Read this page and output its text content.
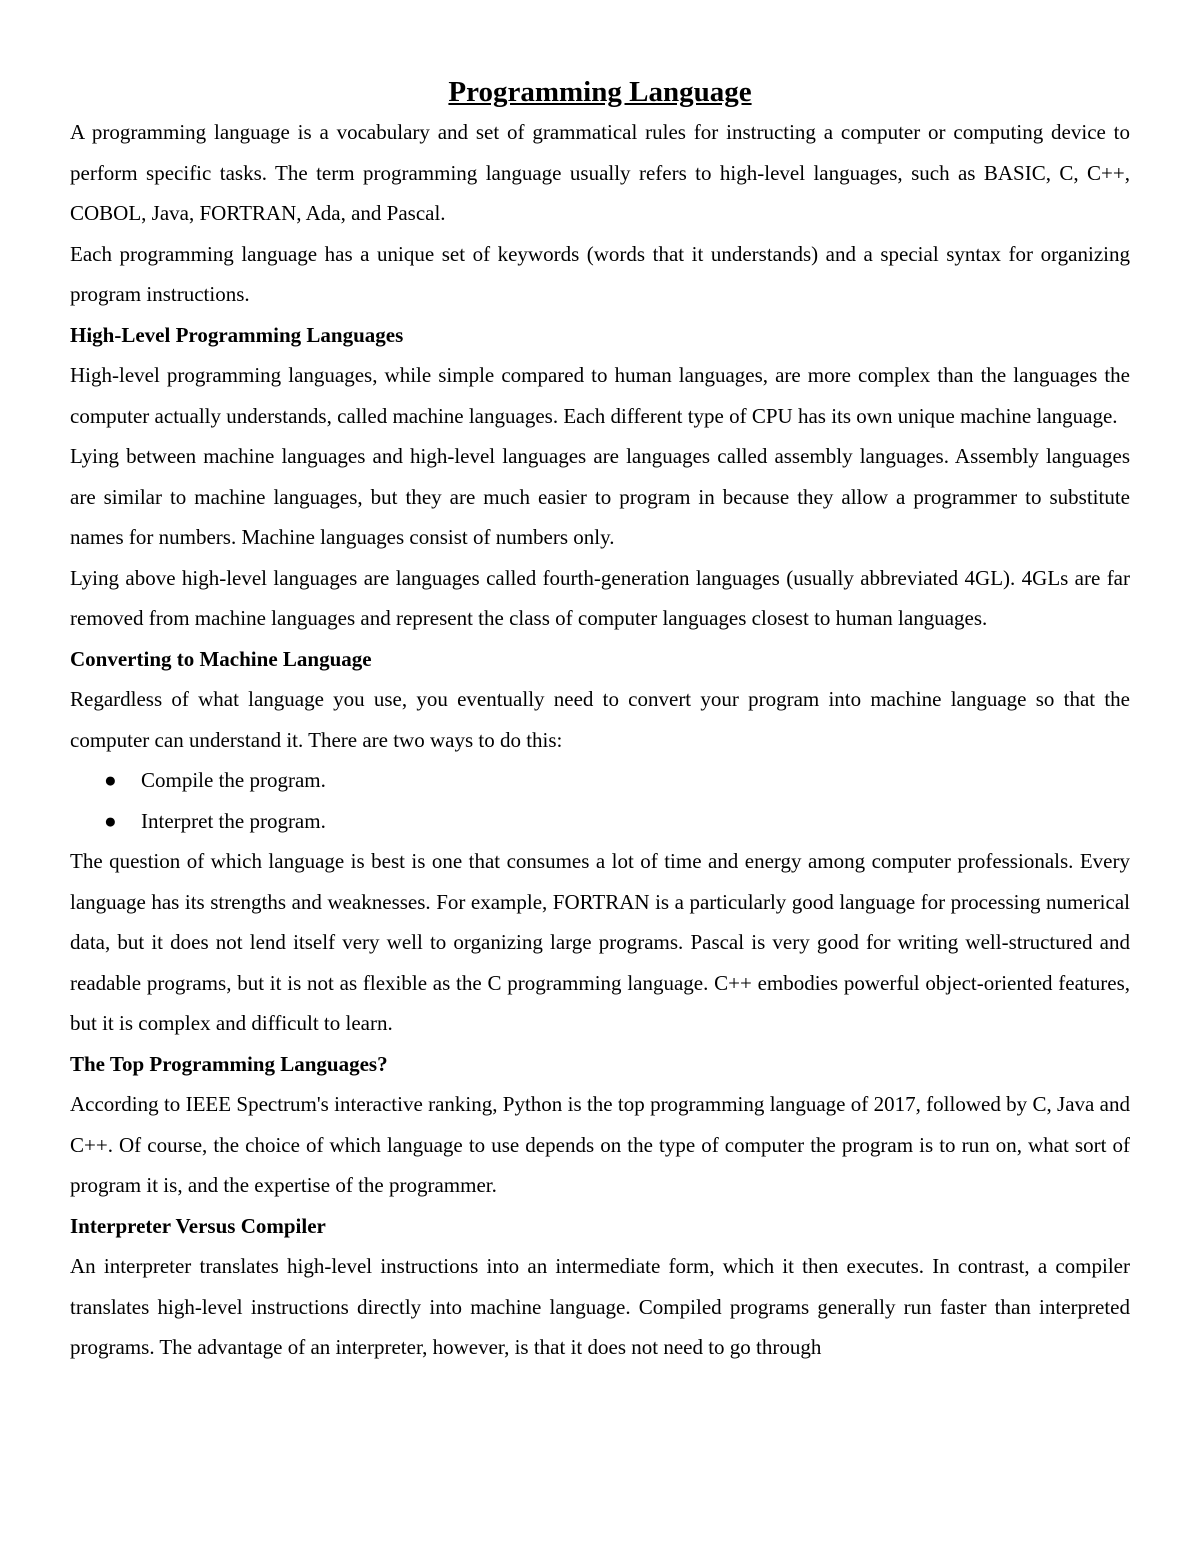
Programming Language

A programming language is a vocabulary and set of grammatical rules for instructing a computer or computing device to perform specific tasks. The term programming language usually refers to high-level languages, such as BASIC, C, C++, COBOL, Java, FORTRAN, Ada, and Pascal.

Each programming language has a unique set of keywords (words that it understands) and a special syntax for organizing program instructions.

High-Level Programming Languages

High-level programming languages, while simple compared to human languages, are more complex than the languages the computer actually understands, called machine languages. Each different type of CPU has its own unique machine language.

Lying between machine languages and high-level languages are languages called assembly languages. Assembly languages are similar to machine languages, but they are much easier to program in because they allow a programmer to substitute names for numbers. Machine languages consist of numbers only.

Lying above high-level languages are languages called fourth-generation languages (usually abbreviated 4GL). 4GLs are far removed from machine languages and represent the class of computer languages closest to human languages.

Converting to Machine Language

Regardless of what language you use, you eventually need to convert your program into machine language so that the computer can understand it. There are two ways to do this:

● Compile the program.
● Interpret the program.

The question of which language is best is one that consumes a lot of time and energy among computer professionals. Every language has its strengths and weaknesses. For example, FORTRAN is a particularly good language for processing numerical data, but it does not lend itself very well to organizing large programs. Pascal is very good for writing well-structured and readable programs, but it is not as flexible as the C programming language. C++ embodies powerful object-oriented features, but it is complex and difficult to learn.

The Top Programming Languages?

According to IEEE Spectrum's interactive ranking, Python is the top programming language of 2017, followed by C, Java and C++. Of course, the choice of which language to use depends on the type of computer the program is to run on, what sort of program it is, and the expertise of the programmer.

Interpreter Versus Compiler

An interpreter translates high-level instructions into an intermediate form, which it then executes. In contrast, a compiler translates high-level instructions directly into machine language. Compiled programs generally run faster than interpreted programs. The advantage of an interpreter, however, is that it does not need to go through
